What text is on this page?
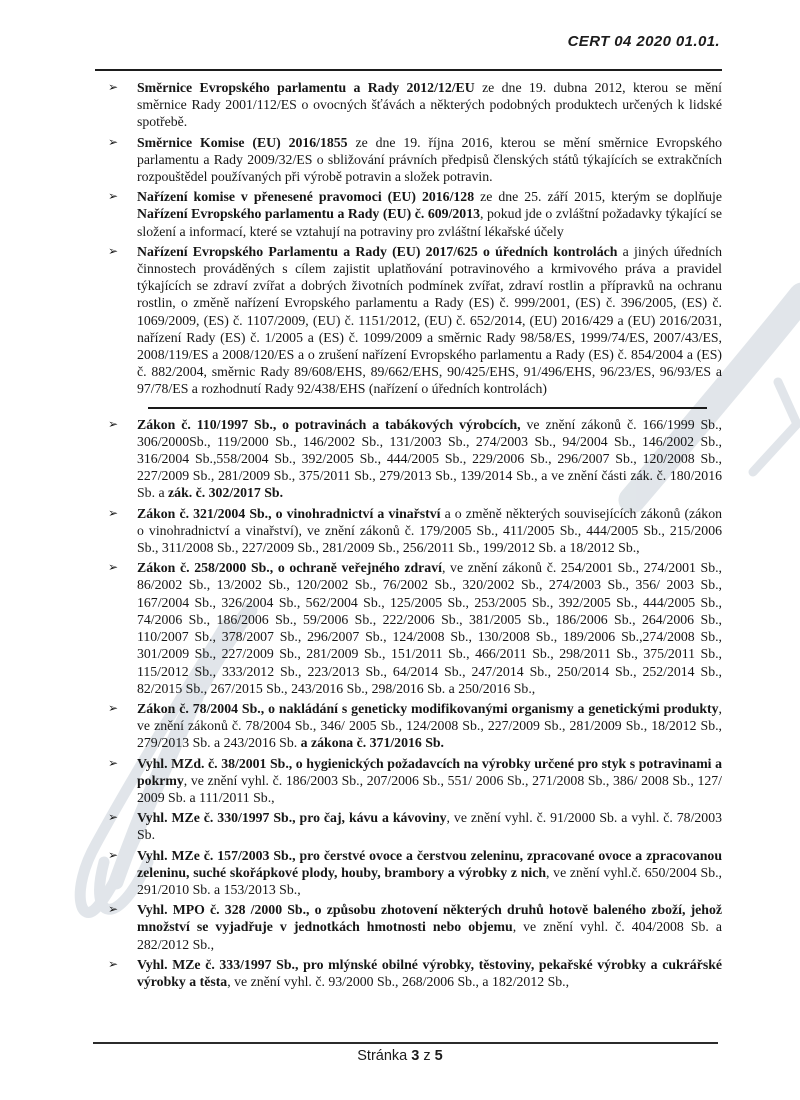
CERT 04 2020 01.01.
➢	Směrnice Evropského parlamentu a Rady 2012/12/EU ze dne 19. dubna 2012, kterou se mění směrnice Rady 2001/112/ES o ovocných šťávách a některých podobných produktech určených k lidské spotřebě.
➢	Směrnice Komise (EU) 2016/1855 ze dne 19. října 2016, kterou se mění směrnice Evropského parlamentu a Rady 2009/32/ES o sbližování právních předpisů členských států týkajících se extrakčních rozpouštědel používaných při výrobě potravin a složek potravin.
➢	Nařízení komise v přenesené pravomoci (EU) 2016/128 ze dne 25. září 2015, kterým se doplňuje Nařízení Evropského parlamentu a Rady (EU) č. 609/2013, pokud jde o zvláštní požadavky týkající se složení a informací, které se vztahují na potraviny pro zvláštní lékařské účely
➢	Nařízení Evropského Parlamentu a Rady (EU) 2017/625 o úředních kontrolách a jiných úředních činnostech prováděných s cílem zajistit uplatňování potravinového a krmivového práva a pravidel týkajících se zdraví zvířat a dobrých životních podmínek zvířat, zdraví rostlin a přípravků na ochranu rostlin, o změně nařízení Evropského parlamentu a Rady (ES) č. 999/2001, (ES) č. 396/2005, (ES) č. 1069/2009, (ES) č. 1107/2009, (EU) č. 1151/2012, (EU) č. 652/2014, (EU) 2016/429 a (EU) 2016/2031, nařízení Rady (ES) č. 1/2005 a (ES) č. 1099/2009 a směrnic Rady 98/58/ES, 1999/74/ES, 2007/43/ES, 2008/119/ES a 2008/120/ES a o zrušení nařízení Evropského parlamentu a Rady (ES) č. 854/2004 a (ES) č. 882/2004, směrnic Rady 89/608/EHS, 89/662/EHS, 90/425/EHS, 91/496/EHS, 96/23/ES, 96/93/ES a 97/78/ES a rozhodnutí Rady 92/438/EHS (nařízení o úředních kontrolách)
➢	Zákon č. 110/1997 Sb., o potravinách a tabákových výrobcích, ve znění zákonů č. 166/1999 Sb., 306/2000Sb., 119/2000 Sb., 146/2002 Sb., 131/2003 Sb., 274/2003 Sb., 94/2004 Sb., 146/2002 Sb., 316/2004 Sb.,558/2004 Sb., 392/2005 Sb., 444/2005 Sb., 229/2006 Sb., 296/2007 Sb., 120/2008 Sb., 227/2009 Sb., 281/2009 Sb., 375/2011 Sb., 279/2013 Sb., 139/2014 Sb., a ve znění části zák. č. 180/2016 Sb. a zák. č. 302/2017 Sb.
➢	Zákon č. 321/2004 Sb., o vinohradnictví a vinařství a o změně některých souvisejících zákonů (zákon o vinohradnictví a vinařství), ve znění zákonů č. 179/2005 Sb., 411/2005 Sb., 444/2005 Sb., 215/2006 Sb., 311/2008 Sb., 227/2009 Sb., 281/2009 Sb., 256/2011 Sb., 199/2012 Sb. a 18/2012 Sb.,
➢	Zákon č. 258/2000 Sb., o ochraně veřejného zdraví, ve znění zákonů č. 254/2001 Sb., 274/2001 Sb., 86/2002 Sb., 13/2002 Sb., 120/2002 Sb., 76/2002 Sb., 320/2002 Sb., 274/2003 Sb., 356/ 2003 Sb., 167/2004 Sb., 326/2004 Sb., 562/2004 Sb., 125/2005 Sb., 253/2005 Sb., 392/2005 Sb., 444/2005 Sb., 74/2006 Sb., 186/2006 Sb., 59/2006 Sb., 222/2006 Sb., 381/2005 Sb., 186/2006 Sb., 264/2006 Sb., 110/2007 Sb., 378/2007 Sb., 296/2007 Sb., 124/2008 Sb., 130/2008 Sb., 189/2006 Sb.,274/2008 Sb., 301/2009 Sb., 227/2009 Sb., 281/2009 Sb., 151/2011 Sb., 466/2011 Sb., 298/2011 Sb., 375/2011 Sb., 115/2012 Sb., 333/2012 Sb., 223/2013 Sb., 64/2014 Sb., 247/2014 Sb., 250/2014 Sb., 252/2014 Sb., 82/2015 Sb., 267/2015 Sb., 243/2016 Sb., 298/2016 Sb. a 250/2016 Sb.,
➢	Zákon č. 78/2004 Sb., o nakládání s geneticky modifikovanými organismy a genetickými produkty, ve znění zákonů č. 78/2004 Sb., 346/ 2005 Sb., 124/2008 Sb., 227/2009 Sb., 281/2009 Sb., 18/2012 Sb., 279/2013 Sb. a 243/2016 Sb. a zákona č. 371/2016 Sb.
➢	Vyhl. MZd. č. 38/2001 Sb., o hygienických požadavcích na výrobky určené pro styk s potravinami a pokrmy, ve znění vyhl. č. 186/2003 Sb., 207/2006 Sb., 551/ 2006 Sb., 271/2008 Sb., 386/ 2008 Sb., 127/ 2009 Sb. a 111/2011 Sb.,
➢	Vyhl. MZe č. 330/1997 Sb., pro čaj, kávu a kávoviny, ve znění vyhl. č. 91/2000 Sb. a vyhl. č. 78/2003 Sb.
➢	Vyhl. MZe č. 157/2003 Sb., pro čerstvé ovoce a čerstvou zeleninu, zpracované ovoce a zpracovanou zeleninu, suché skořápkové plody, houby, brambory a výrobky z nich, ve znění vyhl.č. 650/2004 Sb., 291/2010 Sb. a 153/2013 Sb.,
➢	Vyhl. MPO č. 328 /2000 Sb., o způsobu zhotovení některých druhů hotově baleného zboží, jehož množství se vyjadřuje v jednotkách hmotnosti nebo objemu, ve znění vyhl. č. 404/2008 Sb. a 282/2012 Sb.,
➢	Vyhl. MZe č. 333/1997 Sb., pro mlýnské obilné výrobky, těstoviny, pekařské výrobky a cukrářské výrobky a těsta, ve znění vyhl. č. 93/2000 Sb., 268/2006 Sb., a 182/2012 Sb.,
Stránka 3 z 5
